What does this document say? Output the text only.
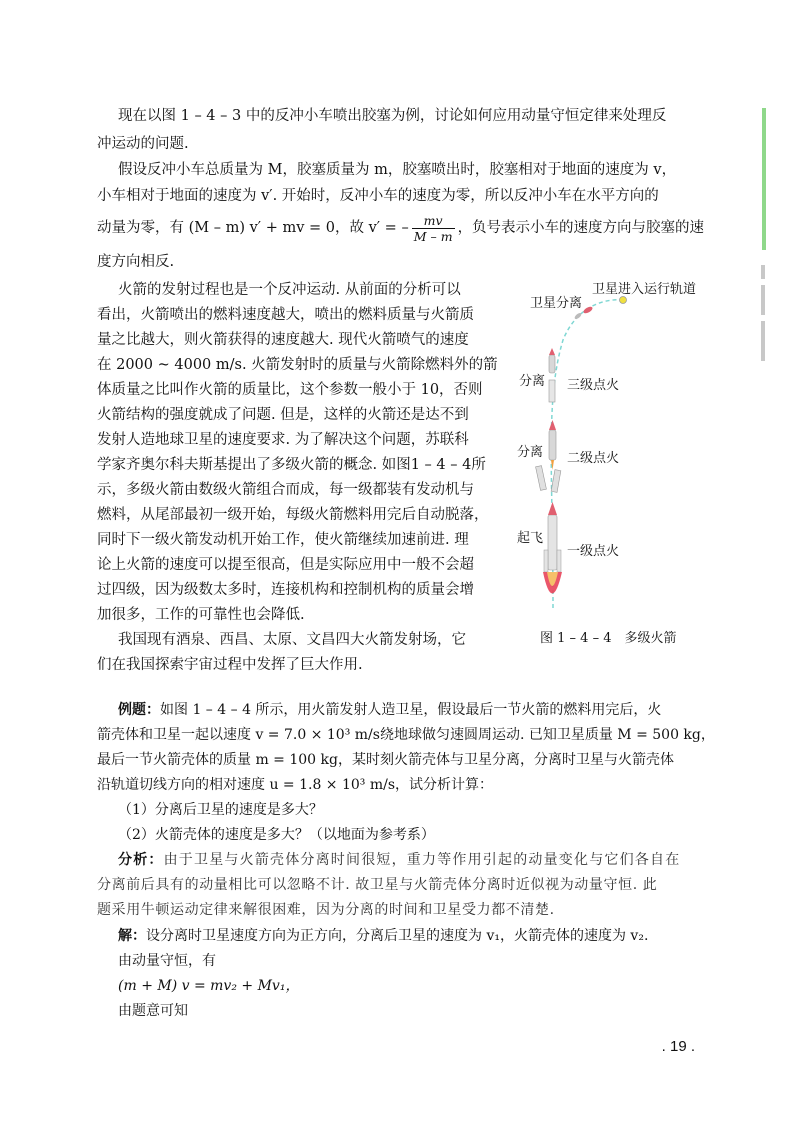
现在以图 1 – 4 – 3 中的反冲小车喷出胶塞为例，讨论如何应用动量守恒定律来处理反
冲运动的问题.
假设反冲小车总质量为 M，胶塞质量为 m，胶塞喷出时，胶塞相对于地面的速度为 v，
小车相对于地面的速度为 v′. 开始时，反冲小车的速度为零，所以反冲小车在水平方向的
动量为零，有 (M – m) v′ + mv = 0，故 v′ = – $\frac{mv}{M - m}$ ，负号表示小车的速度方向与胶塞的速
度方向相反.
火箭的发射过程也是一个反冲运动. 从前面的分析可以
看出，火箭喷出的燃料速度越大，喷出的燃料质量与火箭质
量之比越大，则火箭获得的速度越大. 现代火箭喷气的速度
在 2000 ~ 4000 m/s. 火箭发射时的质量与火箭除燃料外的箭
体质量之比叫作火箭的质量比，这个参数一般小于 10，否则
火箭结构的强度就成了问题. 但是，这样的火箭还是达不到
发射人造地球卫星的速度要求. 为了解决这个问题，苏联科
学家齐奥尔科夫斯基提出了多级火箭的概念. 如图1 – 4 – 4所
示，多级火箭由数级火箭组合而成，每一级都装有发动机与
燃料，从尾部最初一级开始，每级火箭燃料用完后自动脱落，
同时下一级火箭发动机开始工作，使火箭继续加速前进. 理
论上火箭的速度可以提至很高，但是实际应用中一般不会超
过四级，因为级数太多时，连接机构和控制机构的质量会增
加很多，工作的可靠性也会降低.
我国现有酒泉、西昌、太原、文昌四大火箭发射场，它
们在我国探索宇宙过程中发挥了巨大作用.
卫星进入运行轨道
卫星分离
分离 三级点火
分离 二级点火
起飞
一级点火
图 1 – 4 – 4　多级火箭
例题：如图 1 – 4 – 4 所示，用火箭发射人造卫星，假设最后一节火箭的燃料用完后，火
箭壳体和卫星一起以速度 v = 7.0 × 10³ m/s绕地球做匀速圆周运动. 已知卫星质量 M = 500 kg，
最后一节火箭壳体的质量 m = 100 kg，某时刻火箭壳体与卫星分离，分离时卫星与火箭壳体
沿轨道切线方向的相对速度 u = 1.8 × 10³ m/s，试分析计算：
（1）分离后卫星的速度是多大？
（2）火箭壳体的速度是多大？（以地面为参考系）
分析：由于卫星与火箭壳体分离时间很短，重力等作用引起的动量变化与它们各自在
分离前后具有的动量相比可以忽略不计. 故卫星与火箭壳体分离时近似视为动量守恒. 此
题采用牛顿运动定律来解很困难，因为分离的时间和卫星受力都不清楚.
解：设分离时卫星速度方向为正方向，分离后卫星的速度为 v₁，火箭壳体的速度为 v₂.
由动量守恒，有
(m + M) v = mv₂ + Mv₁，
由题意可知
. 19 .
